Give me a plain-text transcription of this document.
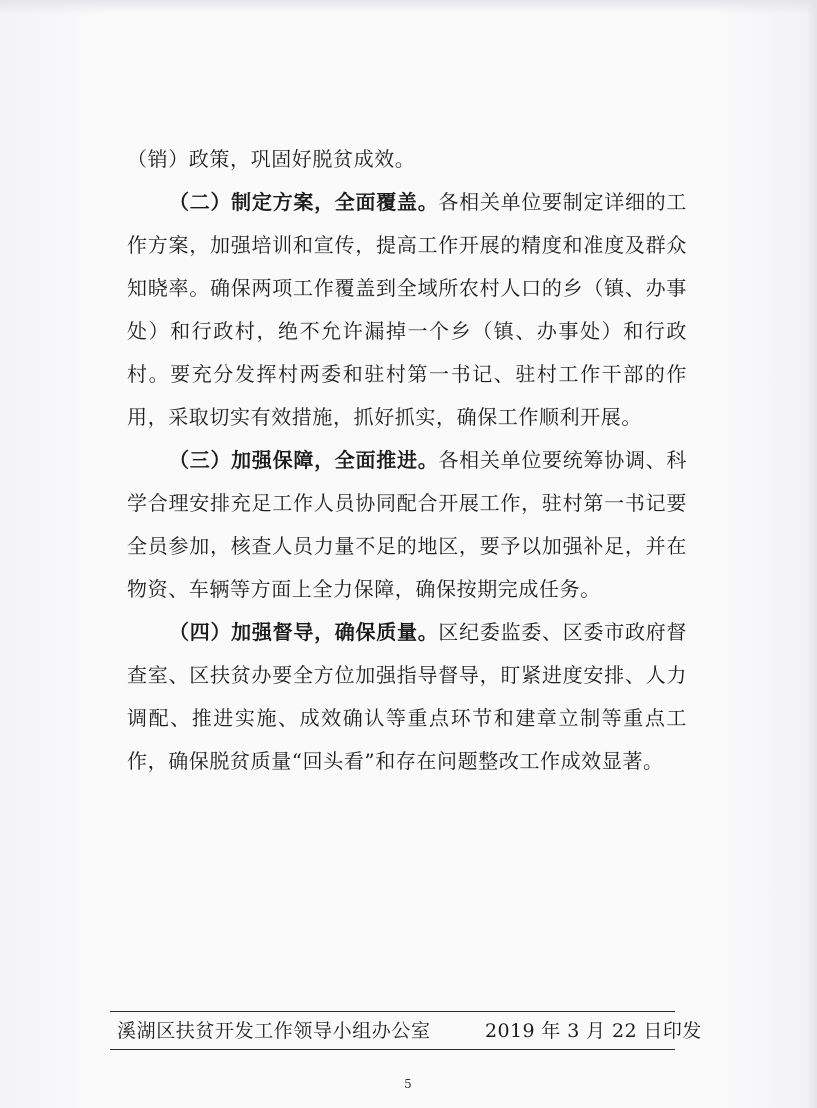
（销）政策，巩固好脱贫成效。

（二）制定方案，全面覆盖。各相关单位要制定详细的工作方案，加强培训和宣传，提高工作开展的精度和准度及群众知晓率。确保两项工作覆盖到全域所农村人口的乡（镇、办事处）和行政村，绝不允许漏掉一个乡（镇、办事处）和行政村。要充分发挥村两委和驻村第一书记、驻村工作干部的作用，采取切实有效措施，抓好抓实，确保工作顺利开展。

（三）加强保障，全面推进。各相关单位要统筹协调、科学合理安排充足工作人员协同配合开展工作，驻村第一书记要全员参加，核查人员力量不足的地区，要予以加强补足，并在物资、车辆等方面上全力保障，确保按期完成任务。

（四）加强督导，确保质量。区纪委监委、区委市政府督查室、区扶贫办要全方位加强指导督导，盯紧进度安排、人力调配、推进实施、成效确认等重点环节和建章立制等重点工作，确保脱贫质量“回头看”和存在问题整改工作成效显著。

溪湖区扶贫开发工作领导小组办公室	2019 年 3 月 22 日印发
5
